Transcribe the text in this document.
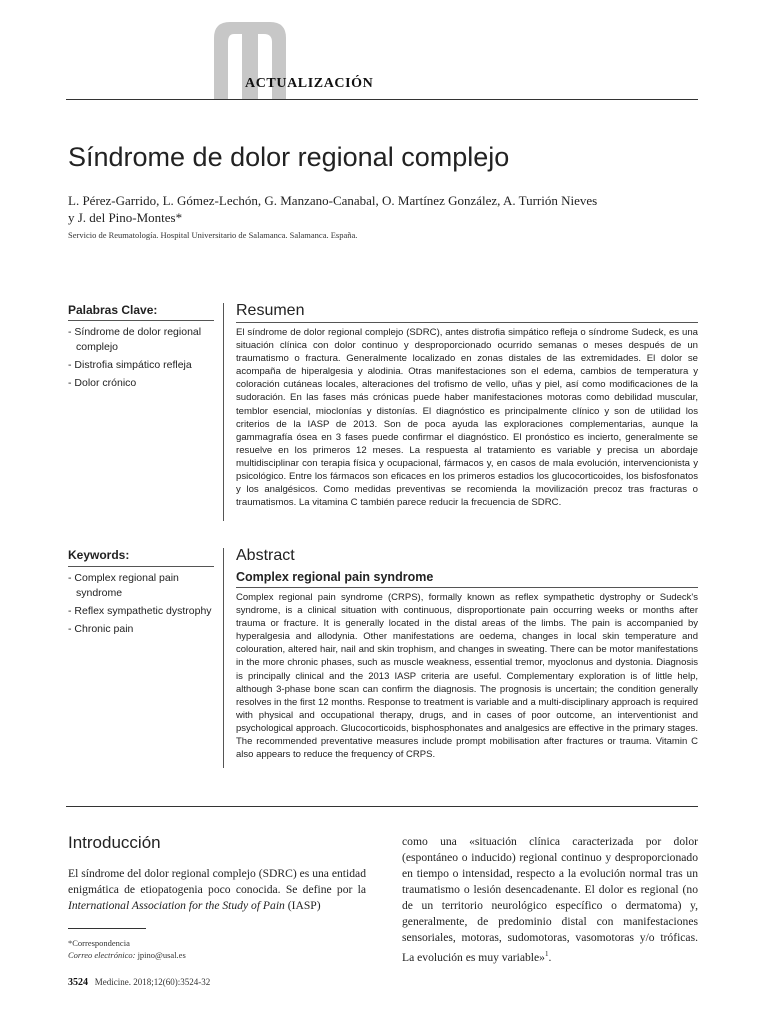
ACTUALIZACIÓN
Síndrome de dolor regional complejo
L. Pérez-Garrido, L. Gómez-Lechón, G. Manzano-Canabal, O. Martínez González, A. Turrión Nieves
y J. del Pino-Montes*
Servicio de Reumatología. Hospital Universitario de Salamanca. Salamanca. España.
Palabras Clave:
- Síndrome de dolor regional complejo
- Distrofia simpático refleja
- Dolor crónico
Resumen

El síndrome de dolor regional complejo (SDRC), antes distrofia simpático refleja o síndrome Sudeck, es una situación clínica con dolor continuo y desproporcionado ocurrido semanas o meses después de un traumatismo o fractura. Generalmente localizado en zonas distales de las extremidades. El dolor se acompaña de hiperalgesia y alodinia. Otras manifestaciones son el edema, cambios de temperatura y coloración cutáneas locales, alteraciones del trofismo de vello, uñas y piel, así como modificaciones de la sudoración. En las fases más crónicas puede haber manifestaciones motoras como debilidad muscular, temblor esencial, mioclonías y distonías. El diagnóstico es principalmente clínico y son de utilidad los criterios de la IASP de 2013. Son de poca ayuda las exploraciones complementarias, aunque la gammagrafía ósea en 3 fases puede confirmar el diagnóstico. El pronóstico es incierto, generalmente se resuelve en los primeros 12 meses. La respuesta al tratamiento es variable y precisa un abordaje multidisciplinar con terapia física y ocupacional, fármacos y, en casos de mala evolución, intervencionista y psicológico. Entre los fármacos son eficaces en los primeros estadios los glucocorticoides, los bisfosfonatos y los analgésicos. Como medidas preventivas se recomienda la movilización precoz tras fracturas o traumatismos. La vitamina C también parece reducir la frecuencia de SDRC.

Keywords:
- Complex regional pain syndrome
- Reflex sympathetic dystrophy
- Chronic pain
Abstract
Complex regional pain syndrome

Complex regional pain syndrome (CRPS), formally known as reflex sympathetic dystrophy or Sudeck's syndrome, is a clinical situation with continuous, disproportionate pain occurring weeks or months after trauma or fracture. It is generally located in the distal areas of the limbs. The pain is accompanied by hyperalgesia and allodynia. Other manifestations are oedema, changes in local skin temperature and colouration, altered hair, nail and skin trophism, and changes in sweating. There can be motor manifestations in the more chronic phases, such as muscle weakness, essential tremor, myoclonus and dystonia. Diagnosis is principally clinical and the 2013 IASP criteria are useful. Complementary exploration is of little help, although 3-phase bone scan can confirm the diagnosis. The prognosis is uncertain; the condition generally resolves in the first 12 months. Response to treatment is variable and a multi-disciplinary approach is required with physical and occupational therapy, drugs, and in cases of poor outcome, an interventionist and psychological approach. Glucocorticoids, bisphosphonates and analgesics are effective in the primary stages. The recommended preventative measures include prompt mobilisation after fractures or trauma. Vitamin C also appears to reduce the frequency of CRPS.

Introducción

El síndrome del dolor regional complejo (SDRC) es una entidad enigmática de etiopatogenia poco conocida. Se define por la International Association for the Study of Pain (IASP)

como una «situación clínica caracterizada por dolor (espontáneo o inducido) regional continuo y desproporcionado en tiempo o intensidad, respecto a la evolución normal tras un traumatismo o lesión desencadenante. El dolor es regional (no de un territorio neurológico específico o dermatoma) y, generalmente, de predominio distal con manifestaciones sensoriales, motoras, sudomotoras, vasomotoras y/o tróficas. La evolución es muy variable»$^1$.

*Correspondencia
Correo electrónico: jpino@usal.es
3524 Medicine. 2018;12(60):3524-32
